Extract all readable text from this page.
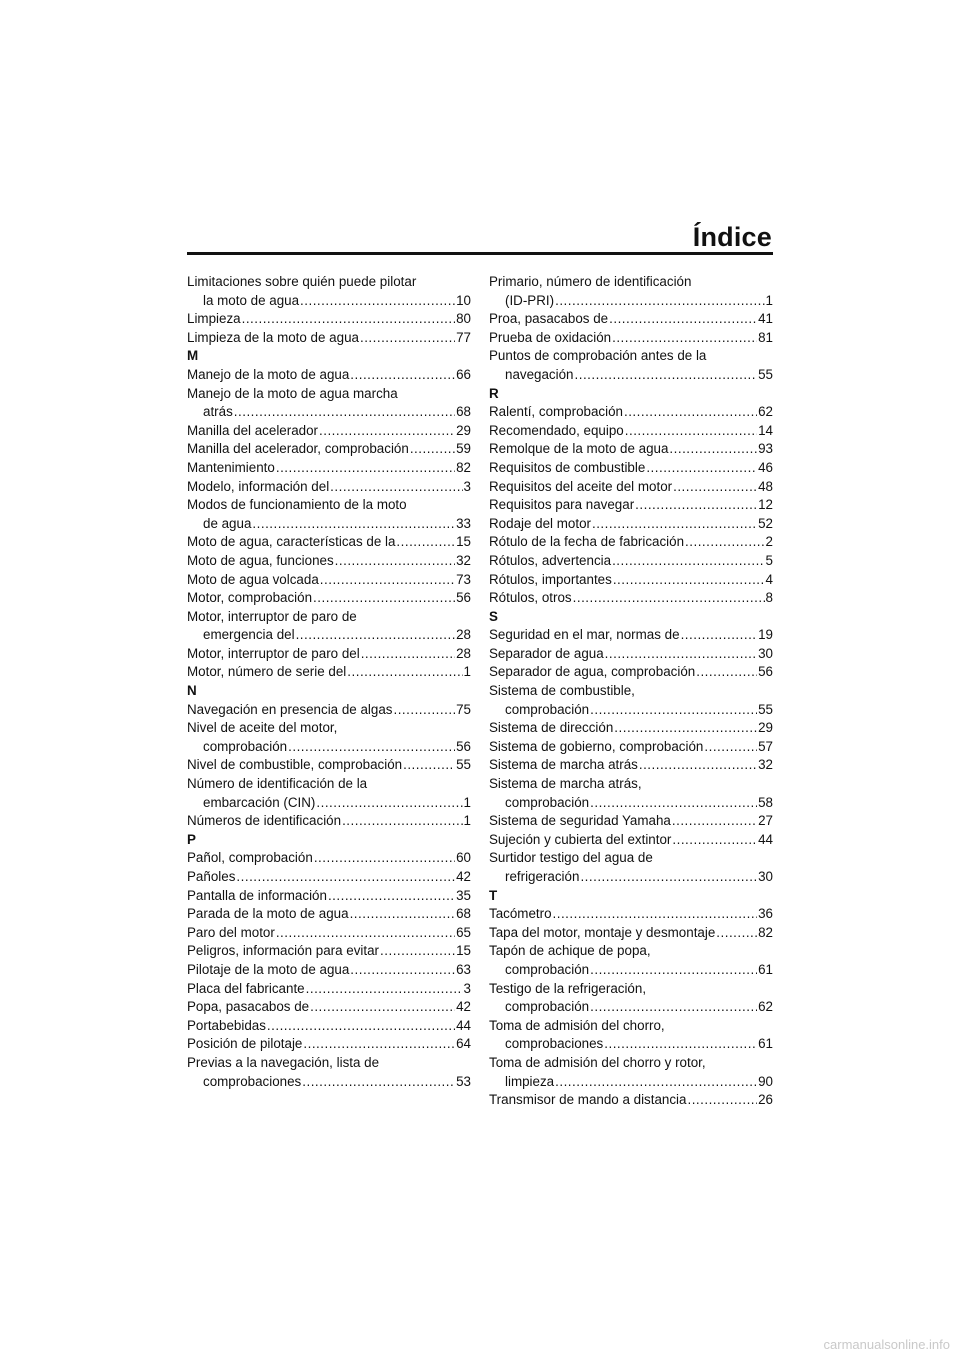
Índice
Limitaciones sobre quién puede pilotar
la moto de agua .....	10
Limpieza .....	80
Limpieza de la moto de agua .....	77
M
Manejo de la moto de agua .....	66
Manejo de la moto de agua marcha
atrás .....	68
Manilla del acelerador .....	29
Manilla del acelerador, comprobación .....	59
Mantenimiento .....	82
Modelo, información del .....	3
Modos de funcionamiento de la moto
de agua .....	33
Moto de agua, características de la .....	15
Moto de agua, funciones .....	32
Moto de agua volcada .....	73
Motor, comprobación .....	56
Motor, interruptor de paro de
emergencia del .....	28
Motor, interruptor de paro del .....	28
Motor, número de serie del .....	1
N
Navegación en presencia de algas .....	75
Nivel de aceite del motor,
comprobación .....	56
Nivel de combustible, comprobación .....	55
Número de identificación de la
embarcación (CIN) .....	1
Números de identificación .....	1
P
Pañol, comprobación .....	60
Pañoles .....	42
Pantalla de información .....	35
Parada de la moto de agua .....	68
Paro del motor .....	65
Peligros, información para evitar .....	15
Pilotaje de la moto de agua .....	63
Placa del fabricante .....	3
Popa, pasacabos de .....	42
Portabebidas .....	44
Posición de pilotaje .....	64
Previas a la navegación, lista de
comprobaciones .....	53
Primario, número de identificación
(ID-PRI) .....	1
Proa, pasacabos de .....	41
Prueba de oxidación .....	81
Puntos de comprobación antes de la
navegación .....	55
R
Ralentí, comprobación .....	62
Recomendado, equipo .....	14
Remolque de la moto de agua .....	93
Requisitos de combustible .....	46
Requisitos del aceite del motor .....	48
Requisitos para navegar .....	12
Rodaje del motor .....	52
Rótulo de la fecha de fabricación .....	2
Rótulos, advertencia .....	5
Rótulos, importantes .....	4
Rótulos, otros .....	8
S
Seguridad en el mar, normas de .....	19
Separador de agua .....	30
Separador de agua, comprobación .....	56
Sistema de combustible,
comprobación .....	55
Sistema de dirección .....	29
Sistema de gobierno, comprobación .....	57
Sistema de marcha atrás .....	32
Sistema de marcha atrás,
comprobación .....	58
Sistema de seguridad Yamaha .....	27
Sujeción y cubierta del extintor .....	44
Surtidor testigo del agua de
refrigeración .....	30
T
Tacómetro .....	36
Tapa del motor, montaje y desmontaje .....	82
Tapón de achique de popa,
comprobación .....	61
Testigo de la refrigeración,
comprobación .....	62
Toma de admisión del chorro,
comprobaciones .....	61
Toma de admisión del chorro y rotor,
limpieza .....	90
Transmisor de mando a distancia .....	26
carmanualsonline.info
